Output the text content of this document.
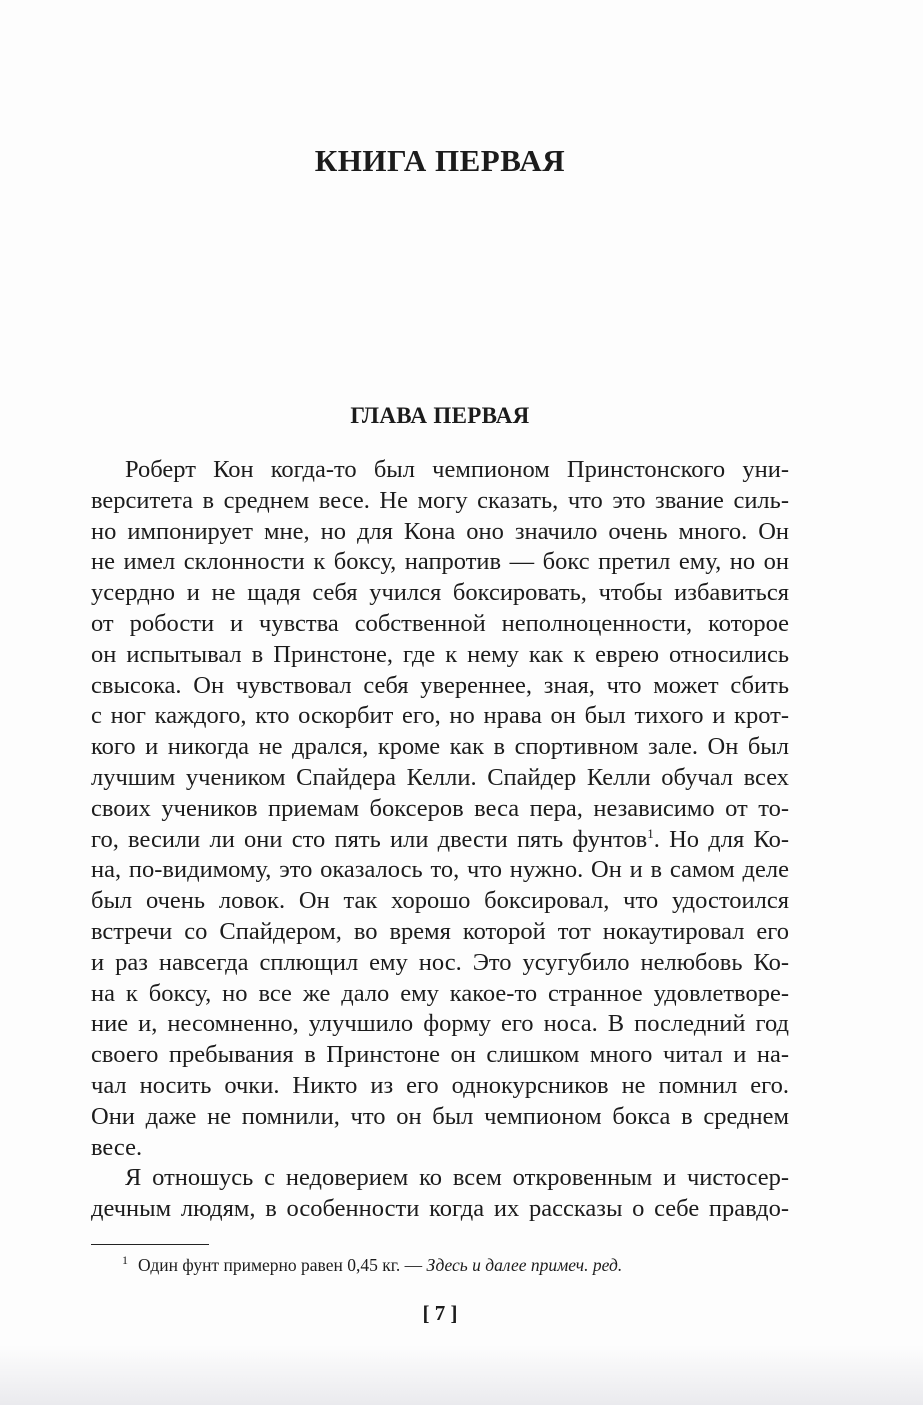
КНИГА ПЕРВАЯ
ГЛАВА ПЕРВАЯ
Роберт Кон когда-то был чемпионом Принстонского уни-
верситета в среднем весе. Не могу сказать, что это звание силь-
но импонирует мне, но для Кона оно значило очень много. Он
не имел склонности к боксу, напротив — бокс претил ему, но он
усердно и не щадя себя учился боксировать, чтобы избавиться
от робости и чувства собственной неполноценности, которое
он испытывал в Принстоне, где к нему как к еврею относились
свысока. Он чувствовал себя увереннее, зная, что может сбить
с ног каждого, кто оскорбит его, но нрава он был тихого и крот-
кого и никогда не дрался, кроме как в спортивном зале. Он был
лучшим учеником Спайдера Келли. Спайдер Келли обучал всех
своих учеников приемам боксеров веса пера, независимо от то-
го, весили ли они сто пять или двести пять фунтов$^1$. Но для Ко-
на, по-видимому, это оказалось то, что нужно. Он и в самом деле
был очень ловок. Он так хорошо боксировал, что удостоился
встречи со Спайдером, во время которой тот нокаутировал его
и раз навсегда сплющил ему нос. Это усугубило нелюбовь Ко-
на к боксу, но все же дало ему какое-то странное удовлетворе-
ние и, несомненно, улучшило форму его носа. В последний год
своего пребывания в Принстоне он слишком много читал и на-
чал носить очки. Никто из его однокурсников не помнил его.
Они даже не помнили, что он был чемпионом бокса в среднем
весе.
Я отношусь с недоверием ко всем откровенным и чистосер-
дечным людям, в особенности когда их рассказы о себе правдо-
$^1$ Один фунт примерно равен 0,45 кг. — Здесь и далее примеч. ред.
[ 7 ]
